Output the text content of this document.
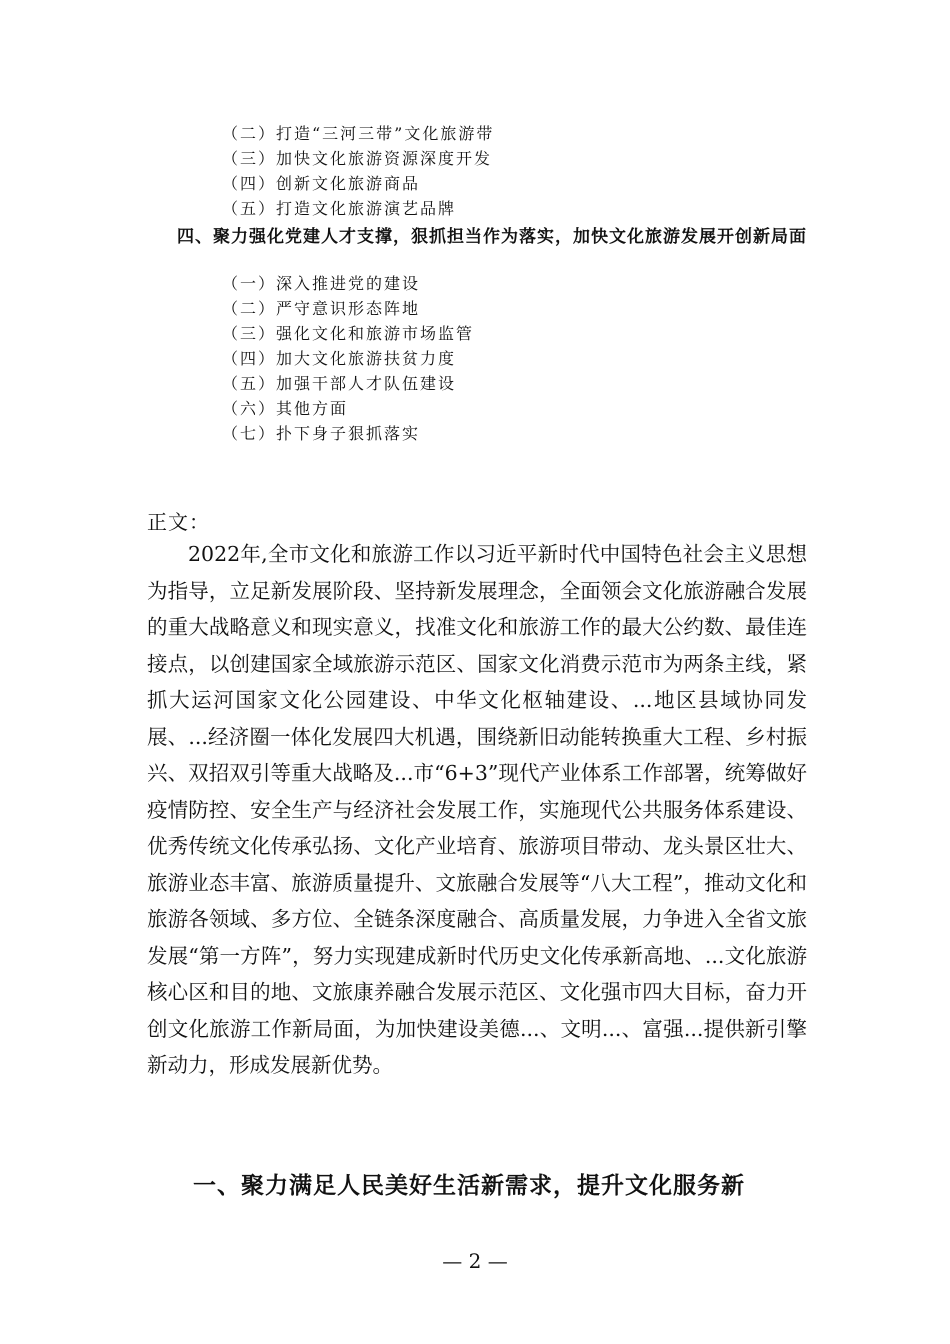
（二）打造“三河三带”文化旅游带
（三）加快文化旅游资源深度开发
（四）创新文化旅游商品
（五）打造文化旅游演艺品牌
四、聚力强化党建人才支撑，狠抓担当作为落实，加快文化旅游发展开创新局面
（一）深入推进党的建设
（二）严守意识形态阵地
（三）强化文化和旅游市场监管
（四）加大文化旅游扶贫力度
（五）加强干部人才队伍建设
（六）其他方面
（七）扑下身子狠抓落实
正文：

2022年,全市文化和旅游工作以习近平新时代中国特色社会主义思想为指导，立足新发展阶段、坚持新发展理念，全面领会文化旅游融合发展的重大战略意义和现实意义，找准文化和旅游工作的最大公约数、最佳连接点，以创建国家全域旅游示范区、国家文化消费示范市为两条主线，紧抓大运河国家文化公园建设、中华文化枢轴建设、...地区县域协同发展、...经济圈一体化发展四大机遇，围绕新旧动能转换重大工程、乡村振兴、双招双引等重大战略及...市“6+3”现代产业体系工作部署，统筹做好疫情防控、安全生产与经济社会发展工作，实施现代公共服务体系建设、优秀传统文化传承弘扬、文化产业培育、旅游项目带动、龙头景区壮大、旅游业态丰富、旅游质量提升、文旅融合发展等“八大工程”，推动文化和旅游各领域、多方位、全链条深度融合、高质量发展，力争进入全省文旅发展“第一方阵”，努力实现建成新时代历史文化传承新高地、...文化旅游核心区和目的地、文旅康养融合发展示范区、文化强市四大目标，奋力开创文化旅游工作新局面，为加快建设美德...、文明...、富强...提供新引擎新动力，形成发展新优势。

一、聚力满足人民美好生活新需求，提升文化服务新
— 2 —
